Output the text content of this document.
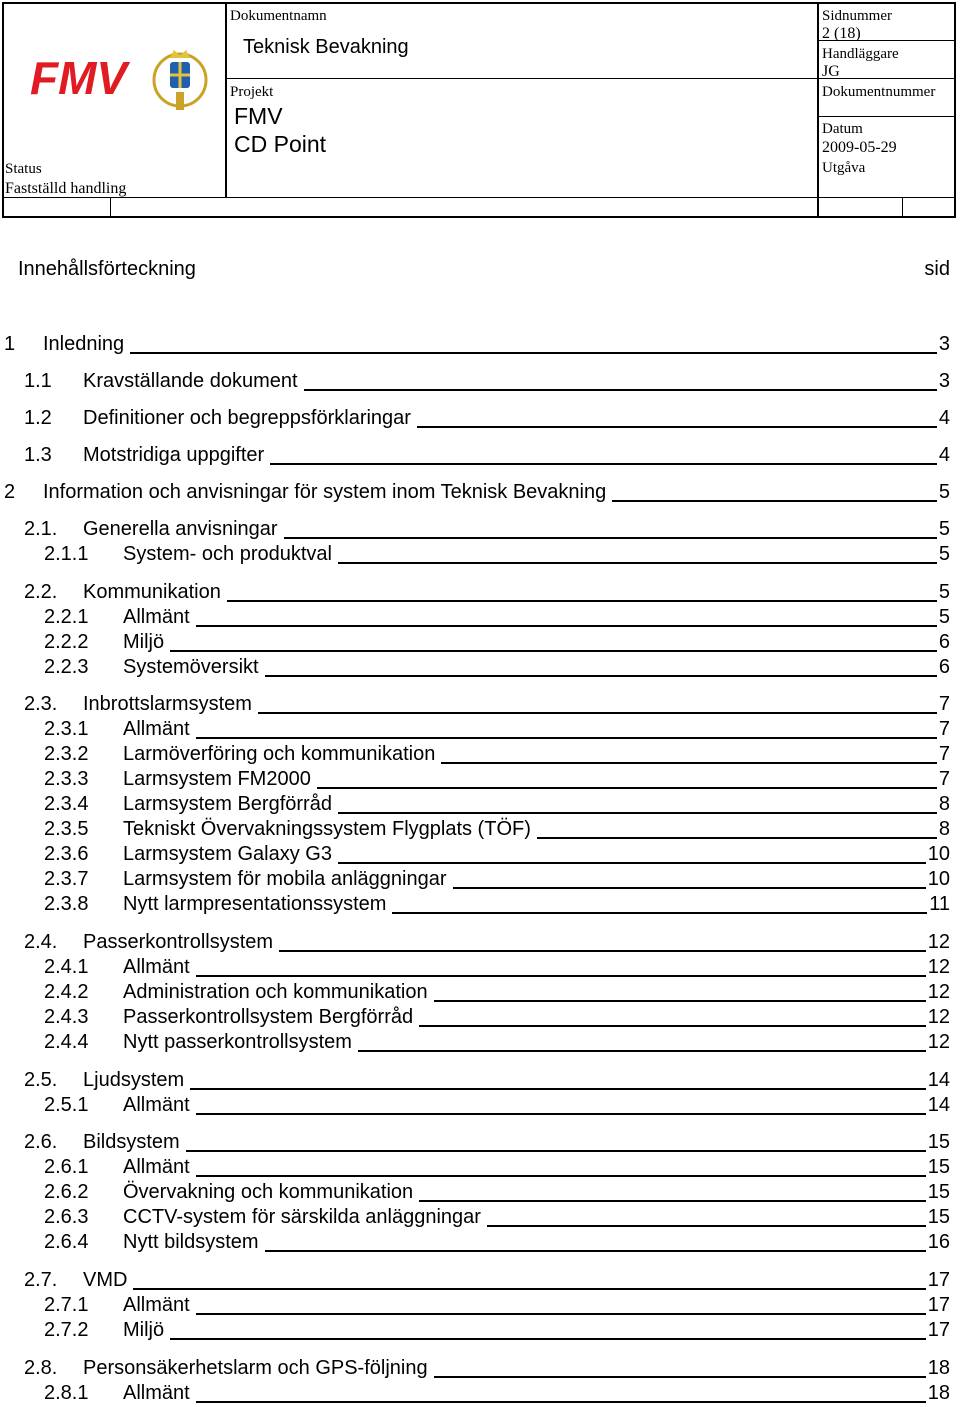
FMV
Status
Fastställd handling
Dokumentnamn
Teknisk Bevakning
Projekt
FMV
CD Point
Sidnummer
2 (18)
Handläggare
JG
Dokumentnummer
Datum
2009-05-29
Utgåva
Innehållsförteckning	sid
1 Inledning	3
1.1 Kravställande dokument	3
1.2 Definitioner och begreppsförklaringar	4
1.3 Motstridiga uppgifter	4
2 Information och anvisningar för system inom Teknisk Bevakning	5
2.1. Generella anvisningar	5
2.1.1 System- och produktval	5
2.2. Kommunikation	5
2.2.1 Allmänt	5
2.2.2 Miljö	6
2.2.3 Systemöversikt	6
2.3. Inbrottslarmsystem	7
2.3.1 Allmänt	7
2.3.2 Larmöverföring och kommunikation	7
2.3.3 Larmsystem FM2000	7
2.3.4 Larmsystem Bergförråd	8
2.3.5 Tekniskt Övervakningssystem Flygplats (TÖF)	8
2.3.6 Larmsystem Galaxy G3	10
2.3.7 Larmsystem för mobila anläggningar	10
2.3.8 Nytt larmpresentationssystem	11
2.4. Passerkontrollsystem	12
2.4.1 Allmänt	12
2.4.2 Administration och kommunikation	12
2.4.3 Passerkontrollsystem Bergförråd	12
2.4.4 Nytt passerkontrollsystem	12
2.5. Ljudsystem	14
2.5.1 Allmänt	14
2.6. Bildsystem	15
2.6.1 Allmänt	15
2.6.2 Övervakning och kommunikation	15
2.6.3 CCTV-system för särskilda anläggningar	15
2.6.4 Nytt bildsystem	16
2.7. VMD	17
2.7.1 Allmänt	17
2.7.2 Miljö	17
2.8. Personsäkerhetslarm och GPS-följning	18
2.8.1 Allmänt	18
